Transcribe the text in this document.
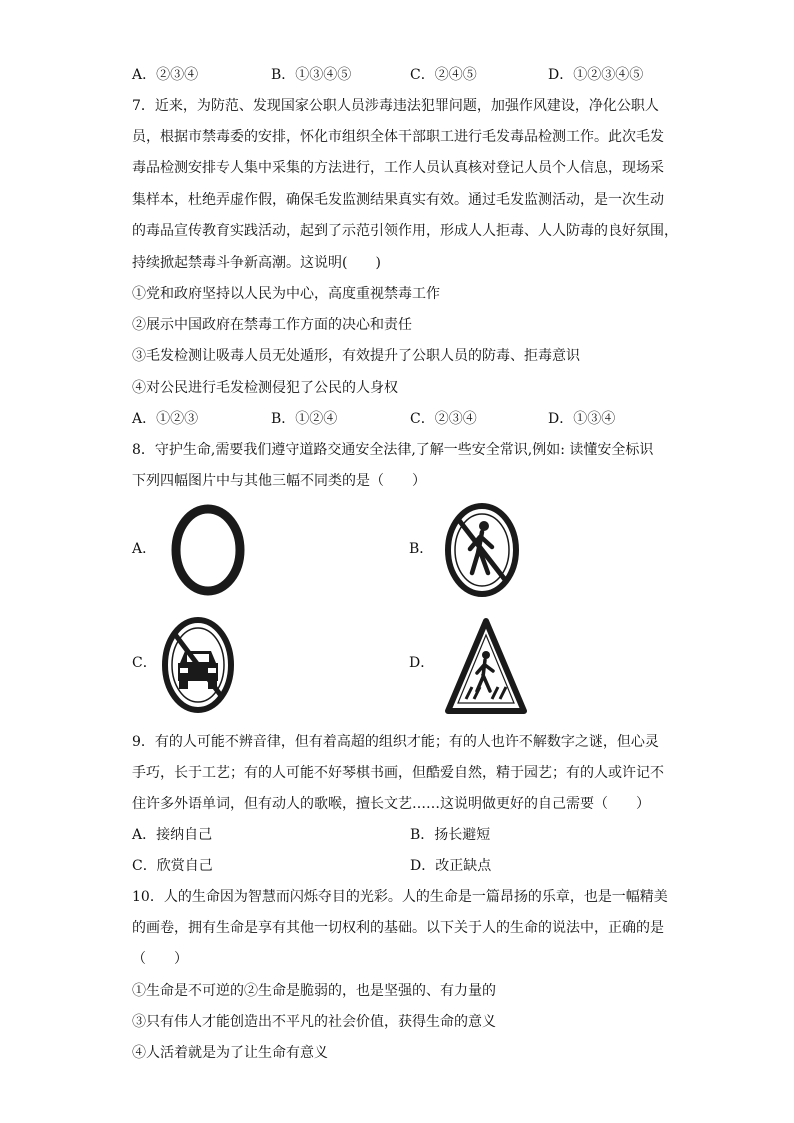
A．②③④	B．①③④⑤	C．②④⑤	D．①②③④⑤
7．近来，为防范、发现国家公职人员涉毒违法犯罪问题，加强作风建设，净化公职人
员，根据市禁毒委的安排，怀化市组织全体干部职工进行毛发毒品检测工作。此次毛发
毒品检测安排专人集中采集的方法进行，工作人员认真核对登记人员个人信息，现场采
集样本，杜绝弄虚作假，确保毛发监测结果真实有效。通过毛发监测活动，是一次生动
的毒品宣传教育实践活动，起到了示范引领作用，形成人人拒毒、人人防毒的良好氛围，
持续掀起禁毒斗争新高潮。这说明(　　)
①党和政府坚持以人民为中心，高度重视禁毒工作
②展示中国政府在禁毒工作方面的决心和责任
③毛发检测让吸毒人员无处遁形，有效提升了公职人员的防毒、拒毒意识
④对公民进行毛发检测侵犯了公民的人身权
A．①②③	B．①②④	C．②③④	D．①③④
8．守护生命,需要我们遵守道路交通安全法律,了解一些安全常识,例如: 读懂安全标识
下列四幅图片中与其他三幅不同类的是（　　）
A．	B．
C．	D．
9．有的人可能不辨音律，但有着高超的组织才能；有的人也许不解数字之谜，但心灵
手巧，长于工艺；有的人可能不好琴棋书画，但酷爱自然，精于园艺；有的人或许记不
住许多外语单词，但有动人的歌喉，擅长文艺……这说明做更好的自己需要（　　）
A．接纳自己	B．扬长避短
C．欣赏自己	D．改正缺点
10．人的生命因为智慧而闪烁夺目的光彩。人的生命是一篇昂扬的乐章，也是一幅精美
的画卷，拥有生命是享有其他一切权利的基础。以下关于人的生命的说法中，正确的是
（　　）
①生命是不可逆的②生命是脆弱的，也是坚强的、有力量的
③只有伟人才能创造出不平凡的社会价值，获得生命的意义
④人活着就是为了让生命有意义
